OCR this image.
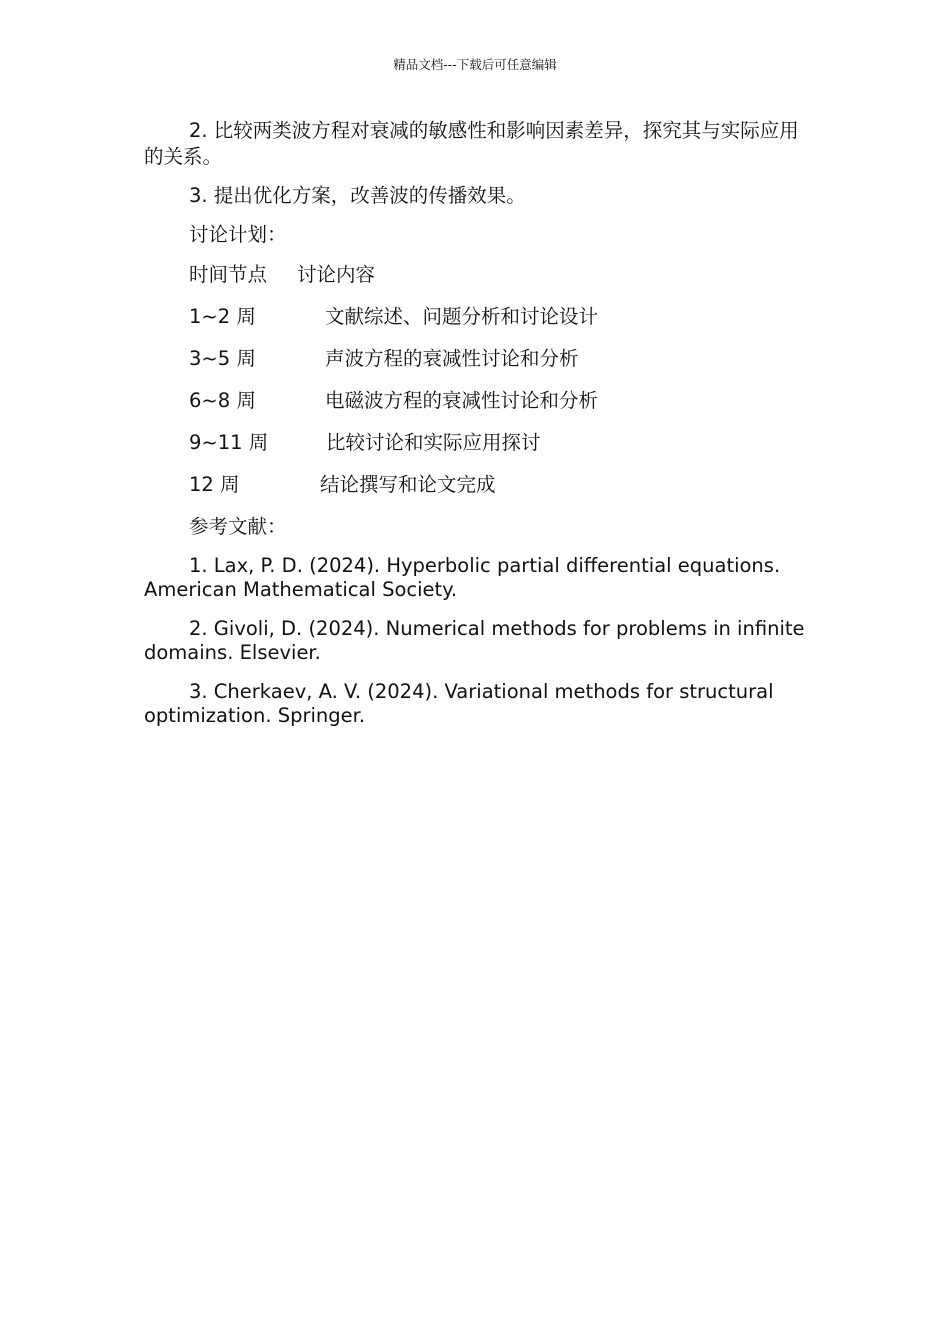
精品文档---下载后可任意编辑

2. 比较两类波方程对衰减的敏感性和影响因素差异，探究其与实际应用的关系。

3. 提出优化方案，改善波的传播效果。

讨论计划：
时间节点 讨论内容
1~2 周	文献综述、问题分析和讨论设计
3~5 周	声波方程的衰减性讨论和分析
6~8 周	电磁波方程的衰减性讨论和分析
9~11 周	比较讨论和实际应用探讨
12 周	结论撰写和论文完成
参考文献：

1. Lax, P. D. (2024). Hyperbolic partial differential equations. American Mathematical Society.

2. Givoli, D. (2024). Numerical methods for problems in infinite domains. Elsevier.

3. Cherkaev, A. V. (2024). Variational methods for structural optimization. Springer.
